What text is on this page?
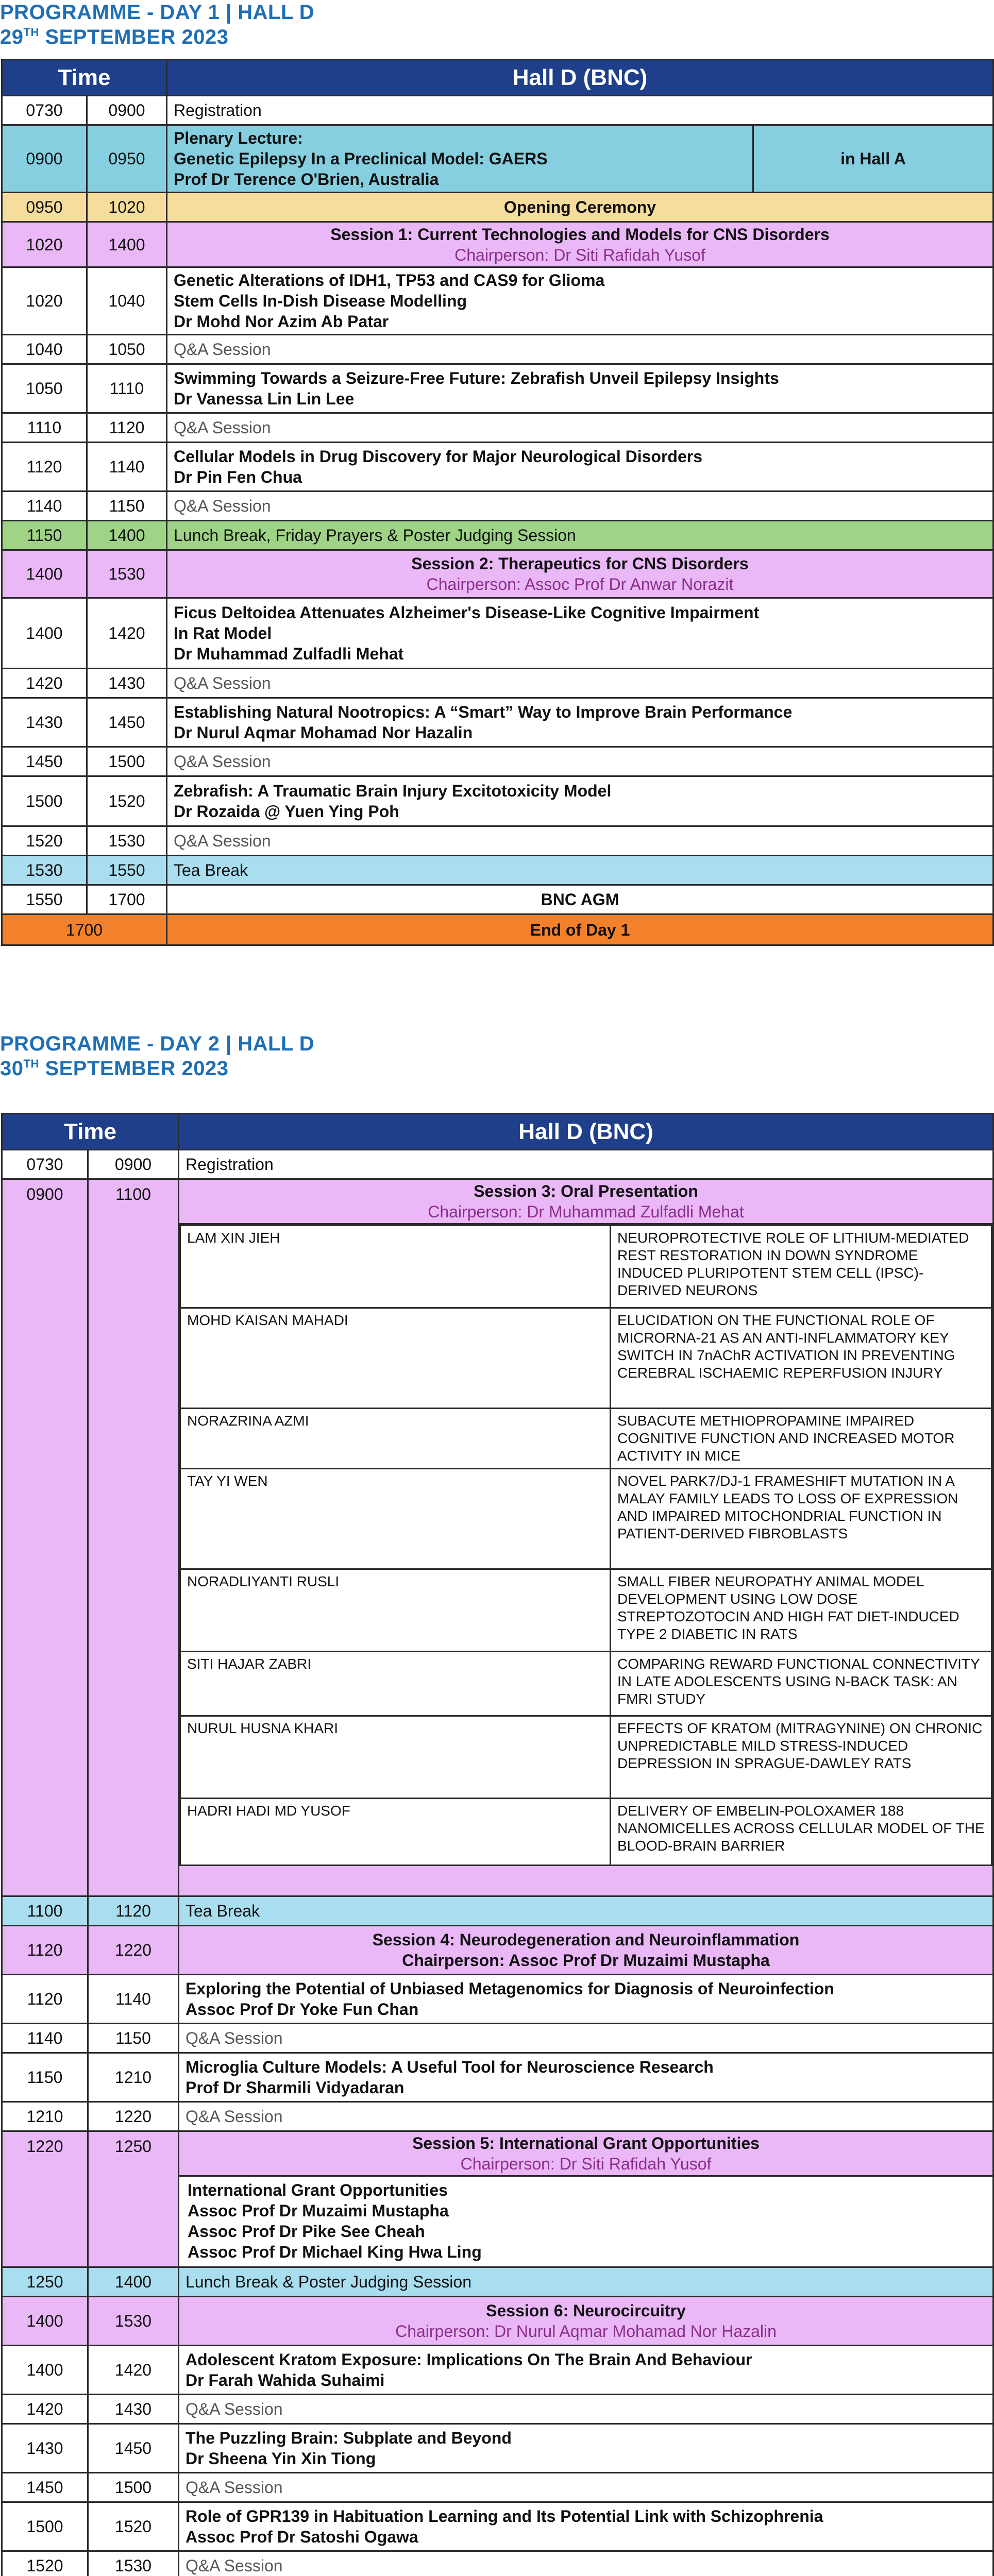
PROGRAMME - DAY 1 | HALL D
29TH SEPTEMBER 2023
Time		Hall D (BNC)	
0730	0900	Registration	
0900	0950	Plenary Lecture:
Genetic Epilepsy In a Preclinical Model: GAERS
Prof Dr Terence O'Brien, Australia	in Hall A
0950	1020	Opening Ceremony	
1020	1400	Session 1: Current Technologies and Models for CNS Disorders
Chairperson: Dr Siti Rafidah Yusof	

1020	1040	Genetic Alterations of IDH1, TP53 and CAS9 for Glioma
Stem Cells In-Dish Disease Modelling
Dr Mohd Nor Azim Ab Patar	

1040	1050	Q&A Session	
1050	1110	Swimming Towards a Seizure-Free Future: Zebrafish Unveil Epilepsy Insights
Dr Vanessa Lin Lin Lee	

1110	1120	Q&A Session	
1120	1140	Cellular Models in Drug Discovery for Major Neurological Disorders
Dr Pin Fen Chua	

1140	1150	Q&A Session	
1150	1400	Lunch Break, Friday Prayers & Poster Judging Session	
1400	1530	Session 2: Therapeutics for CNS Disorders
Chairperson: Assoc Prof Dr Anwar Norazit	

1400	1420	Ficus Deltoidea Attenuates Alzheimer's Disease-Like Cognitive Impairment
In Rat Model
Dr Muhammad Zulfadli Mehat	

1420	1430	Q&A Session	
1430	1450	Establishing Natural Nootropics: A “Smart” Way to Improve Brain Performance
Dr Nurul Aqmar Mohamad Nor Hazalin	

1450	1500	Q&A Session	
1500	1520	Zebrafish: A Traumatic Brain Injury Excitotoxicity Model
Dr Rozaida @ Yuen Ying Poh	

1520	1530	Q&A Session	
1530	1550	Tea Break	
1550	1700	BNC AGM	
1700		End of Day 1	
PROGRAMME - DAY 2 | HALL D
30TH SEPTEMBER 2023
Time	Hall D (BNC)
0730	0900	Registration
0900	1100	Session 3: Oral Presentation
Chairperson: Dr Muhammad Zulfadli Mehat
LAM XIN JIEH	NEUROPROTECTIVE ROLE OF LITHIUM-MEDIATED REST RESTORATION IN DOWN SYNDROME INDUCED PLURIPOTENT STEM CELL (IPSC)-DERIVED NEURONS
MOHD KAISAN MAHADI	ELUCIDATION ON THE FUNCTIONAL ROLE OF MICRORNA-21 AS AN ANTI-INFLAMMATORY KEY SWITCH IN 7nAChR ACTIVATION IN PREVENTING CEREBRAL ISCHAEMIC REPERFUSION INJURY
NORAZRINA AZMI	SUBACUTE METHIOPROPAMINE IMPAIRED COGNITIVE FUNCTION AND INCREASED MOTOR ACTIVITY IN MICE
TAY YI WEN	NOVEL PARK7/DJ-1 FRAMESHIFT MUTATION IN A MALAY FAMILY LEADS TO LOSS OF EXPRESSION AND IMPAIRED MITOCHONDRIAL FUNCTION IN PATIENT-DERIVED FIBROBLASTS
NORADLIYANTI RUSLI	SMALL FIBER NEUROPATHY ANIMAL MODEL DEVELOPMENT USING LOW DOSE STREPTOZOTOCIN AND HIGH FAT DIET-INDUCED TYPE 2 DIABETIC IN RATS
SITI HAJAR ZABRI	COMPARING REWARD FUNCTIONAL CONNECTIVITY IN LATE ADOLESCENTS USING N-BACK TASK: AN FMRI STUDY
NURUL HUSNA KHARI	EFFECTS OF KRATOM (MITRAGYNINE) ON CHRONIC UNPREDICTABLE MILD STRESS-INDUCED DEPRESSION IN SPRAGUE-DAWLEY RATS
HADRI HADI MD YUSOF	DELIVERY OF EMBELIN-POLOXAMER 188 NANOMICELLES ACROSS CELLULAR MODEL OF THE BLOOD-BRAIN BARRIER

1100	1120	Tea Break
1120	1220	
Session 4: Neurodegeneration and Neuroinflammation
Chairperson: Assoc Prof Dr Muzaimi Mustapha

1120	1140	
Exploring the Potential of Unbiased Metagenomics for Diagnosis of Neuroinfection
Assoc Prof Dr Yoke Fun Chan

1140	1150	Q&A Session
1150	1210	
Microglia Culture Models: A Useful Tool for Neuroscience Research
Prof Dr Sharmili Vidyadaran

1210	1220	Q&A Session
1220	1250	Session 5: International Grant Opportunities
Chairperson: Dr Siti Rafidah Yusof
International Grant Opportunities
Assoc Prof Dr Muzaimi Mustapha
Assoc Prof Dr Pike See Cheah
Assoc Prof Dr Michael King Hwa Ling

1250	1400	Lunch Break & Poster Judging Session
1400	1530	
Session 6: Neurocircuitry
Chairperson: Dr Nurul Aqmar Mohamad Nor Hazalin

1400	1420	
Adolescent Kratom Exposure: Implications On The Brain And Behaviour
Dr Farah Wahida Suhaimi

1420	1430	Q&A Session
1430	1450	
The Puzzling Brain: Subplate and Beyond
Dr Sheena Yin Xin Tiong

1450	1500	Q&A Session
1500	1520	
Role of GPR139 in Habituation Learning and Its Potential Link with Schizophrenia
Assoc Prof Dr Satoshi Ogawa

1520	1530	Q&A Session
